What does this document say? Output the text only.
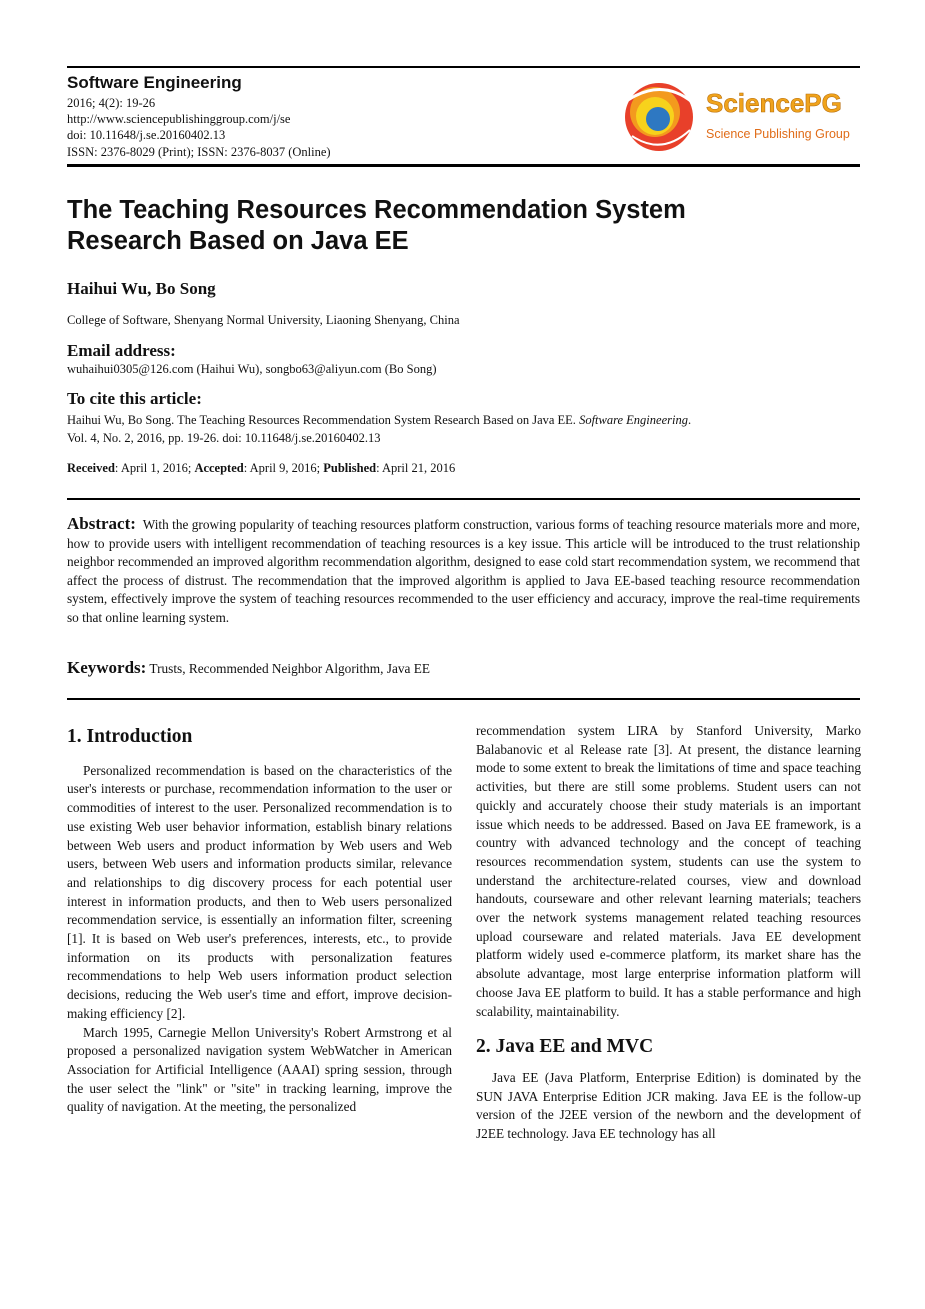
Software Engineering
2016; 4(2): 19-26
http://www.sciencepublishinggroup.com/j/se
doi: 10.11648/j.se.20160402.13
ISSN: 2376-8029 (Print); ISSN: 2376-8037 (Online)
SciencePG
Science Publishing Group
The Teaching Resources Recommendation System
Research Based on Java EE
Haihui Wu, Bo Song
College of Software, Shenyang Normal University, Liaoning Shenyang, China
Email address:
wuhaihui0305@126.com (Haihui Wu), songbo63@aliyun.com (Bo Song)
To cite this article:
Haihui Wu, Bo Song. The Teaching Resources Recommendation System Research Based on Java EE. Software Engineering.
Vol. 4, No. 2, 2016, pp. 19-26. doi: 10.11648/j.se.20160402.13
Received: April 1, 2016; Accepted: April 9, 2016; Published: April 21, 2016
Abstract: With the growing popularity of teaching resources platform construction, various forms of teaching resource materials more and more, how to provide users with intelligent recommendation of teaching resources is a key issue. This article will be introduced to the trust relationship neighbor recommended an improved algorithm recommendation algorithm, designed to ease cold start recommendation system, we recommend that affect the process of distrust. The recommendation that the improved algorithm is applied to Java EE-based teaching resource recommendation system, effectively improve the system of teaching resources recommended to the user efficiency and accuracy, improve the real-time requirements so that online learning system.
Keywords: Trusts, Recommended Neighbor Algorithm, Java EE
1. Introduction

Personalized recommendation is based on the characteristics of the user's interests or purchase, recommendation information to the user or commodities of interest to the user. Personalized recommendation is to use existing Web user behavior information, establish binary relations between Web users and product information by Web users and Web users, between Web users and information products similar, relevance and relationships to dig discovery process for each potential user interest in information products, and then to Web users personalized recommendation service, is essentially an information filter, screening [1]. It is based on Web user's preferences, interests, etc., to provide information on its products with personalization features recommendations to help Web users information product selection decisions, reducing the Web user's time and effort, improve decision-making efficiency [2].

March 1995, Carnegie Mellon University's Robert Armstrong et al proposed a personalized navigation system WebWatcher in American Association for Artificial Intelligence (AAAI) spring session, through the user select the "link" or "site" in tracking learning, improve the quality of navigation. At the meeting, the personalized

recommendation system LIRA by Stanford University, Marko Balabanovic et al Release rate [3]. At present, the distance learning mode to some extent to break the limitations of time and space teaching activities, but there are still some problems. Student users can not quickly and accurately choose their study materials is an important issue which needs to be addressed. Based on Java EE framework, is a country with advanced technology and the concept of teaching resources recommendation system, students can use the system to understand the architecture-related courses, view and download handouts, courseware and other relevant learning materials; teachers over the network systems management related teaching resources upload courseware and related materials. Java EE development platform widely used e-commerce platform, its market share has the absolute advantage, most large enterprise information platform will choose Java EE platform to build. It has a stable performance and high scalability, maintainability.

2. Java EE and MVC

Java EE (Java Platform, Enterprise Edition) is dominated by the SUN JAVA Enterprise Edition JCR making. Java EE is the follow-up version of the J2EE version of the newborn and the development of J2EE technology. Java EE technology has all
